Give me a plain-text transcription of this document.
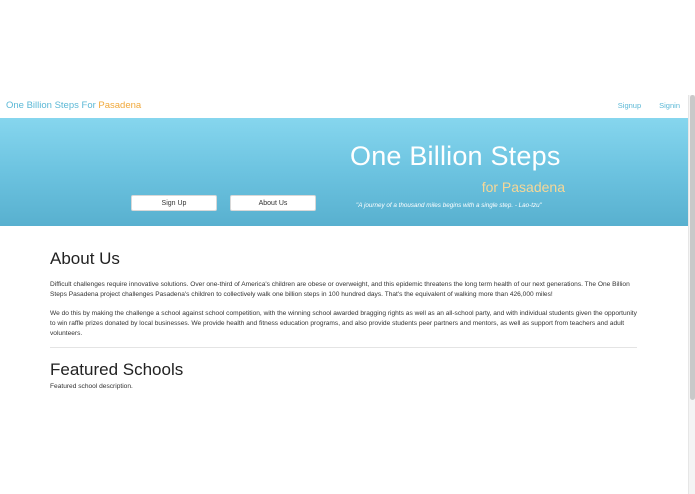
One Billion Steps For Pasadena	Signup Signin
One Billion Steps
for Pasadena
Sign Up	About Us	"A journey of a thousand miles begins with a single step. - Lao-tzu"
About Us

Difficult challenges require innovative solutions. Over one-third of America's children are obese or overweight, and this epidemic threatens the long term health of our next generations. The One Billion Steps Pasadena project challenges Pasadena's children to collectively walk one billion steps in 100 hundred days. That's the equivalent of walking more than 426,000 miles!

We do this by making the challenge a school against school competition, with the winning school awarded bragging rights as well as an all-school party, and with individual students given the opportunity to win raffle prizes donated by local businesses. We provide health and fitness education programs, and also provide students peer partners and mentors, as well as support from teachers and adult volunteers.

Featured Schools

Featured school description.
